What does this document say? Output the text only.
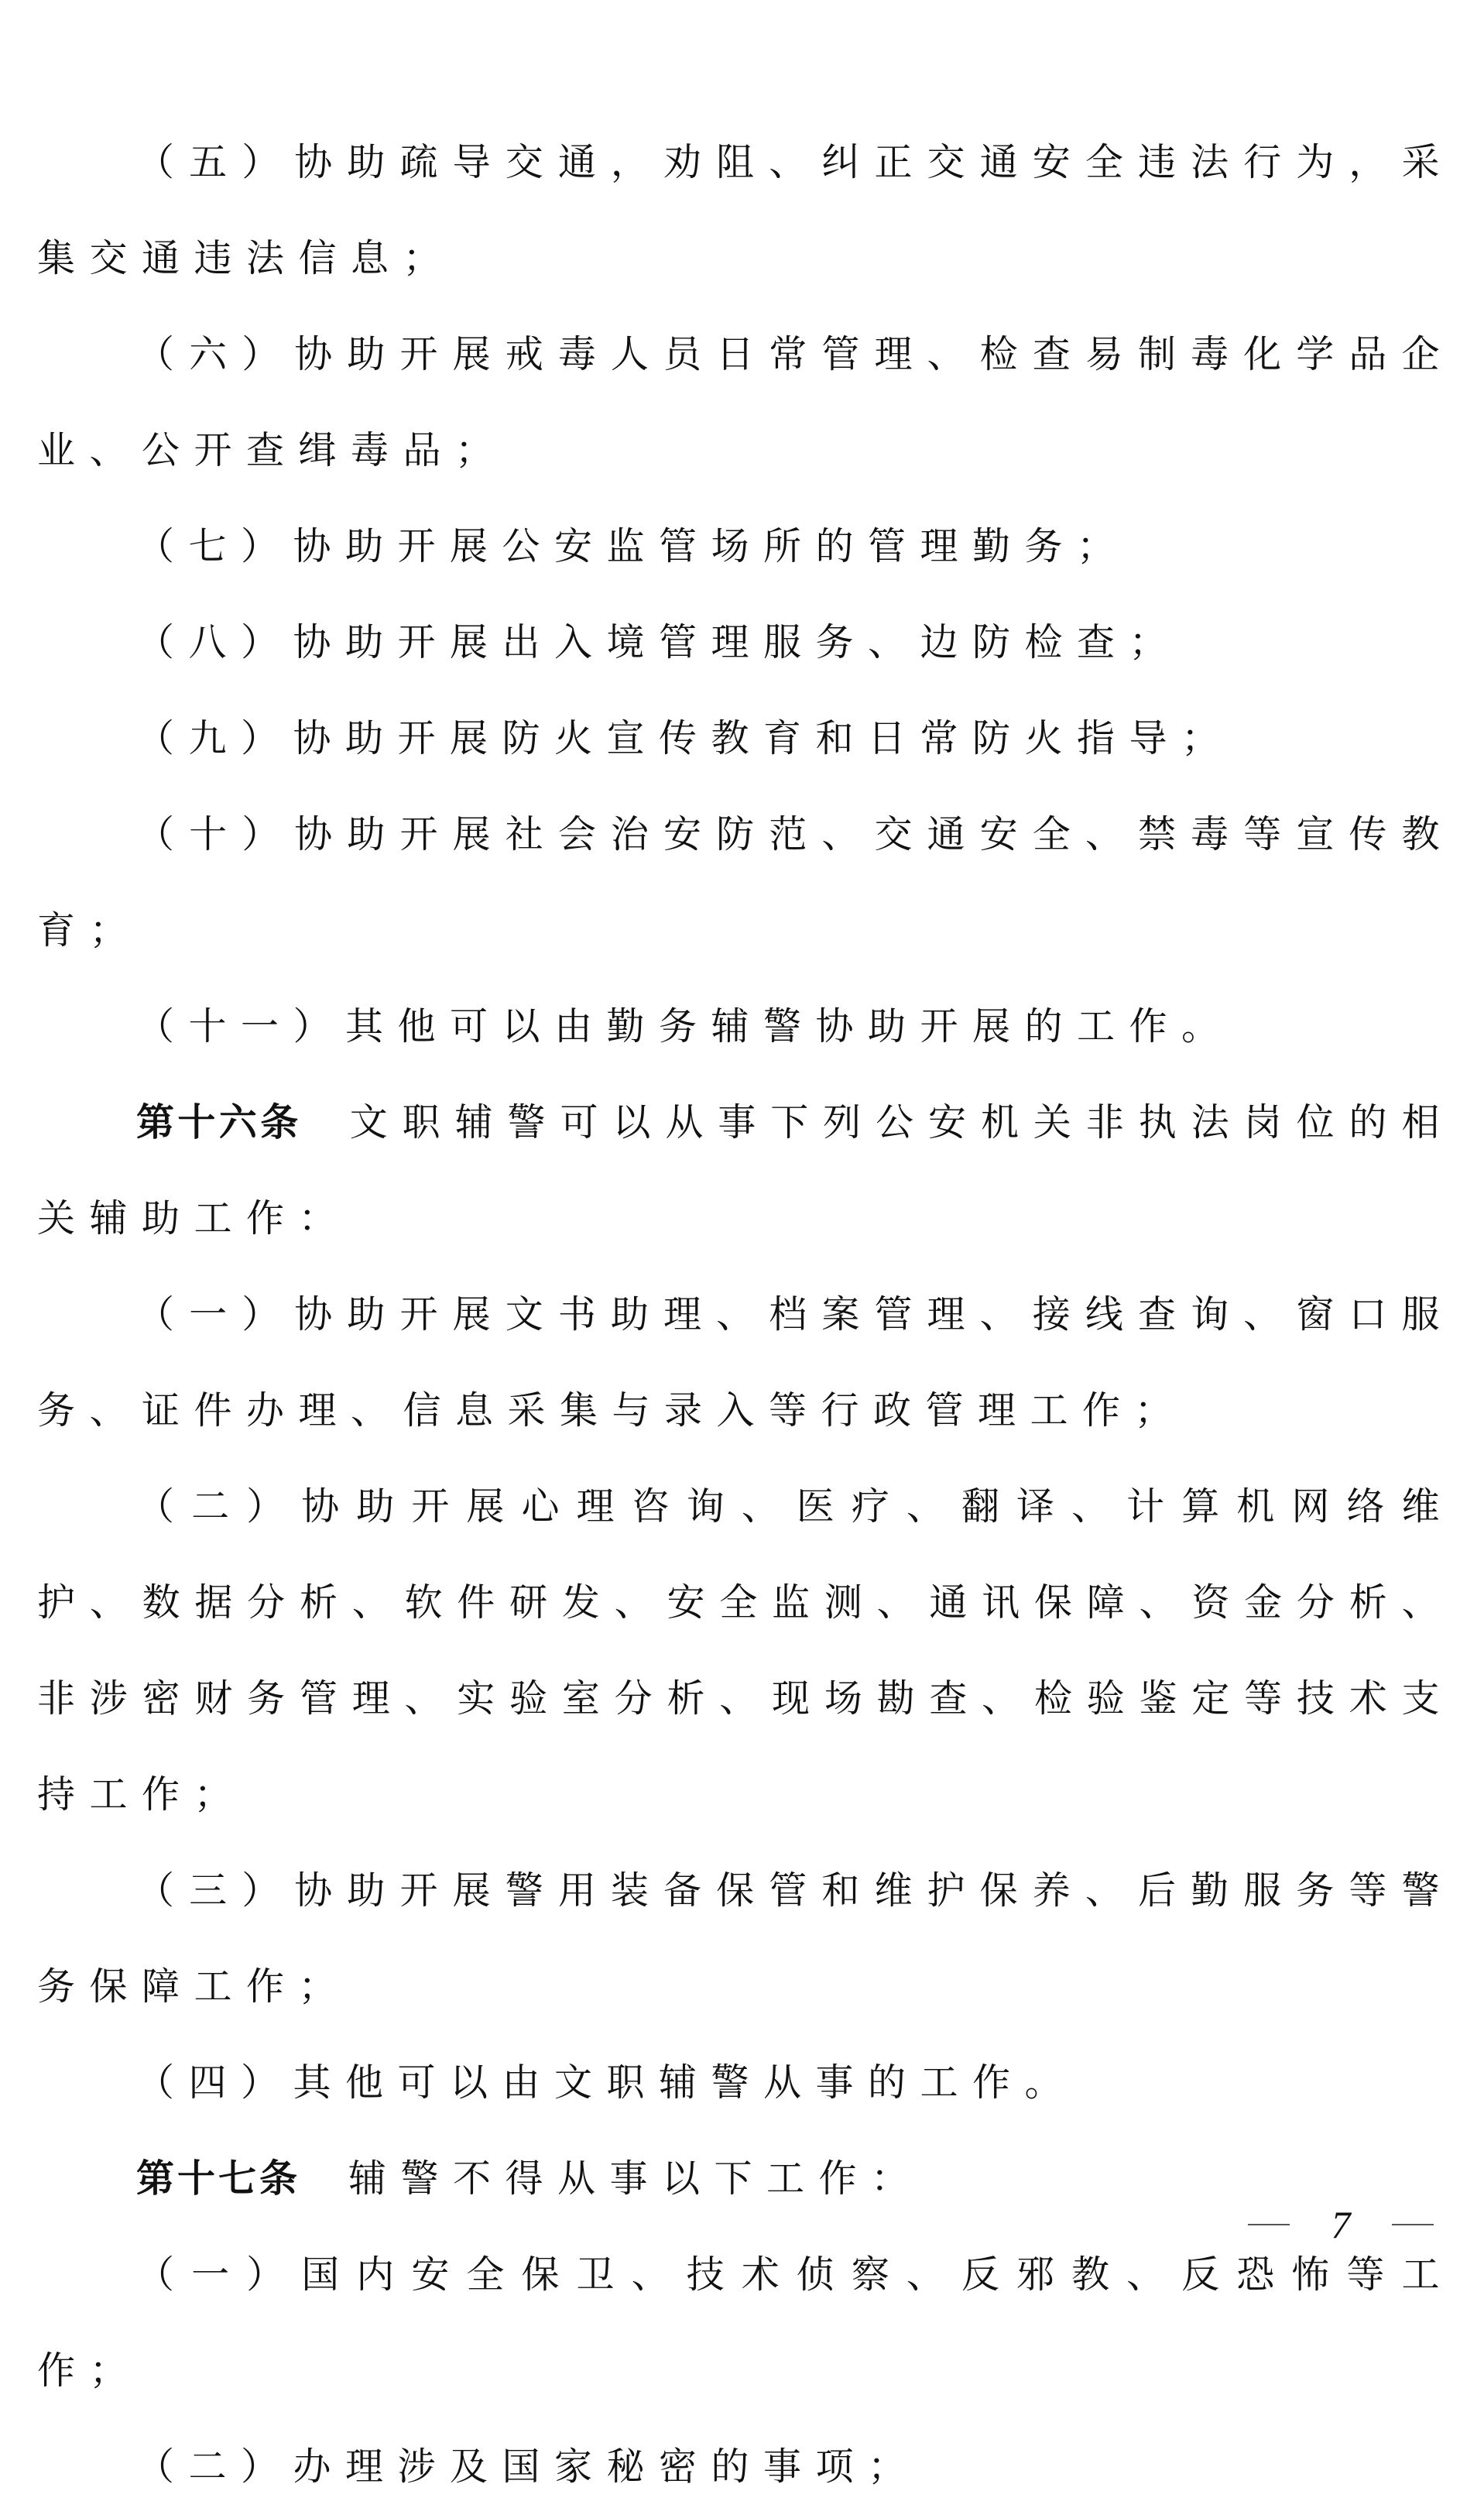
（五）协助疏导交通，劝阻、纠正交通安全违法行为，采集交通违法信息；

（六）协助开展戒毒人员日常管理、检查易制毒化学品企业、公开查缉毒品；

（七）协助开展公安监管场所的管理勤务；

（八）协助开展出入境管理服务、边防检查；

（九）协助开展防火宣传教育和日常防火指导；

（十）协助开展社会治安防范、交通安全、禁毒等宣传教育；

（十一）其他可以由勤务辅警协助开展的工作。

第十六条 文职辅警可以从事下列公安机关非执法岗位的相关辅助工作：

（一）协助开展文书助理、档案管理、接线查询、窗口服务、证件办理、信息采集与录入等行政管理工作；

（二）协助开展心理咨询、医疗、翻译、计算机网络维护、数据分析、软件研发、安全监测、通讯保障、资金分析、非涉密财务管理、实验室分析、现场勘查、检验鉴定等技术支持工作；

（三）协助开展警用装备保管和维护保养、后勤服务等警务保障工作；

（四）其他可以由文职辅警从事的工作。

第十七条 辅警不得从事以下工作：

（一）国内安全保卫、技术侦察、反邪教、反恐怖等工作；

（二）办理涉及国家秘密的事项；

7
